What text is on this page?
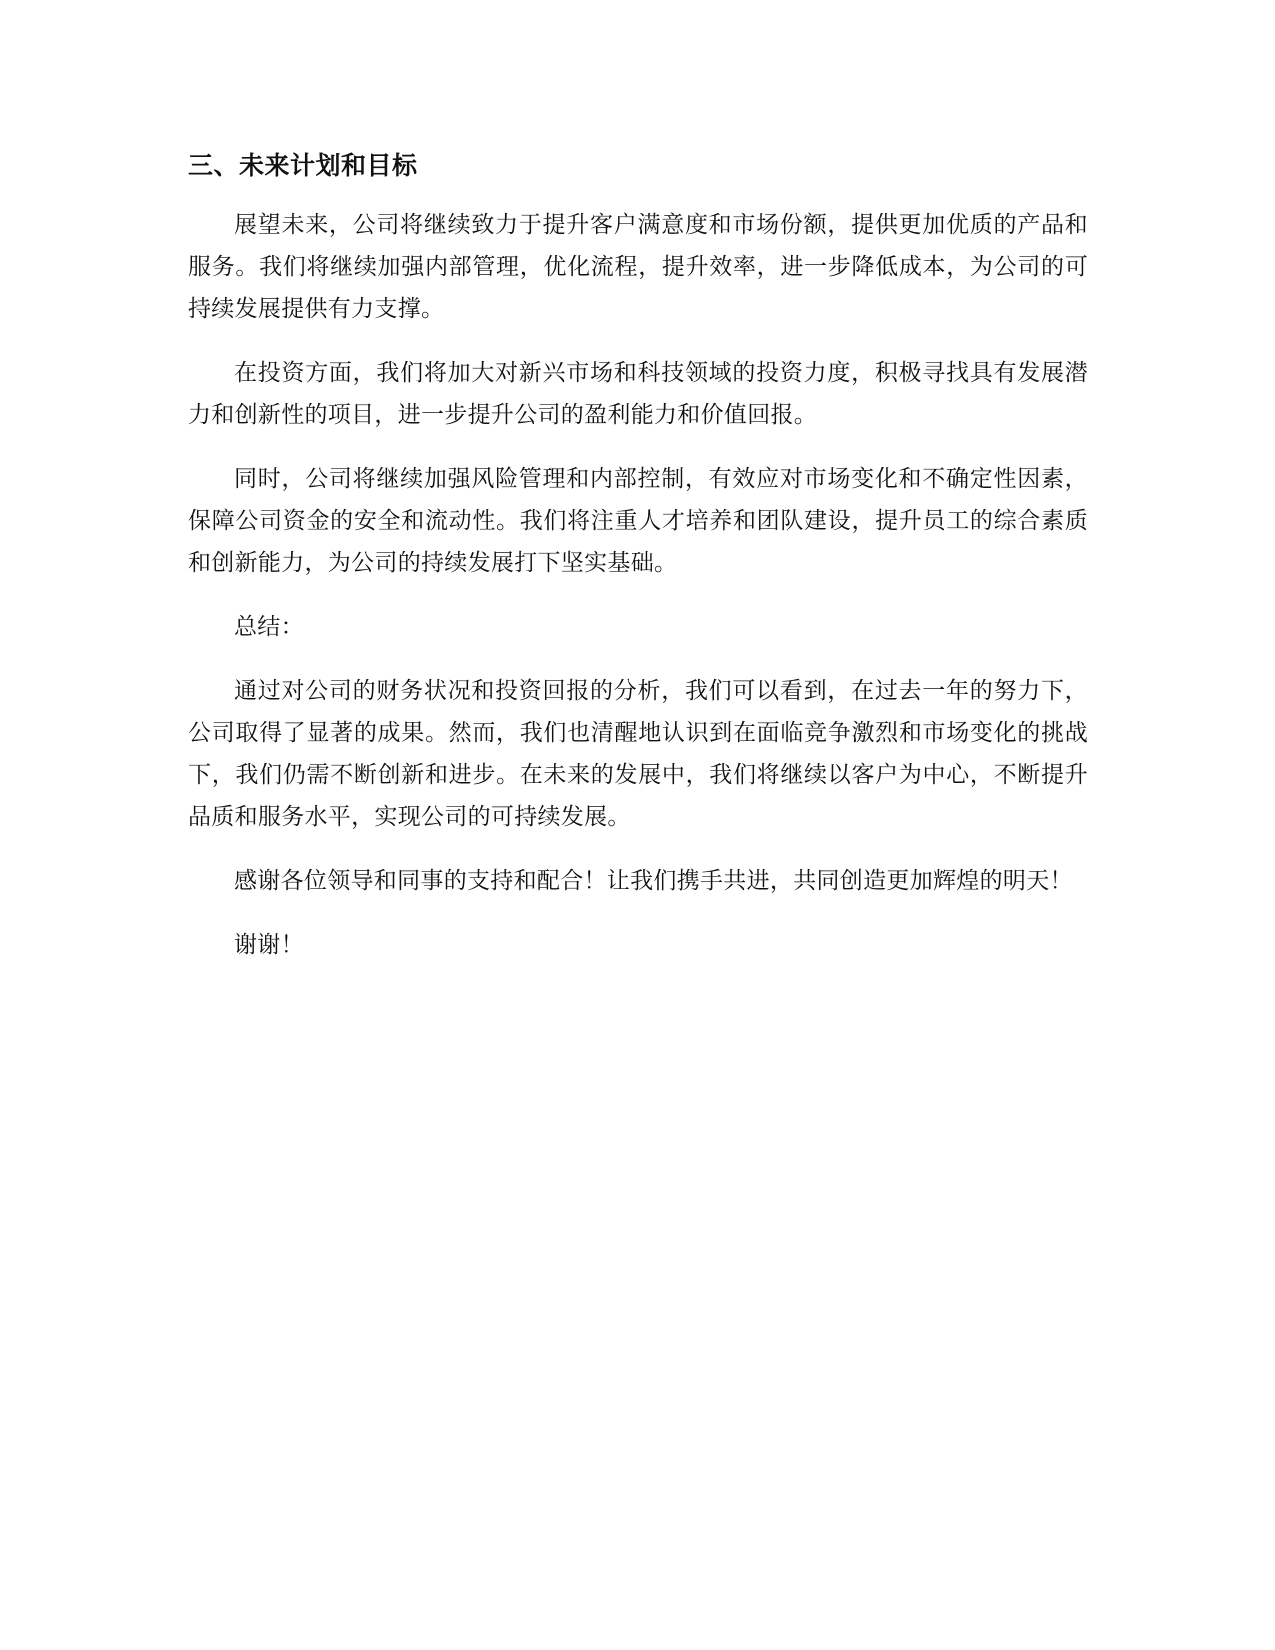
三、未来计划和目标

展望未来，公司将继续致力于提升客户满意度和市场份额，提供更加优质的产品和服务。我们将继续加强内部管理，优化流程，提升效率，进一步降低成本，为公司的可持续发展提供有力支撑。

在投资方面，我们将加大对新兴市场和科技领域的投资力度，积极寻找具有发展潜力和创新性的项目，进一步提升公司的盈利能力和价值回报。

同时，公司将继续加强风险管理和内部控制，有效应对市场变化和不确定性因素，保障公司资金的安全和流动性。我们将注重人才培养和团队建设，提升员工的综合素质和创新能力，为公司的持续发展打下坚实基础。

总结：

通过对公司的财务状况和投资回报的分析，我们可以看到，在过去一年的努力下，公司取得了显著的成果。然而，我们也清醒地认识到在面临竞争激烈和市场变化的挑战下，我们仍需不断创新和进步。在未来的发展中，我们将继续以客户为中心，不断提升品质和服务水平，实现公司的可持续发展。

感谢各位领导和同事的支持和配合！让我们携手共进，共同创造更加辉煌的明天！

谢谢！
